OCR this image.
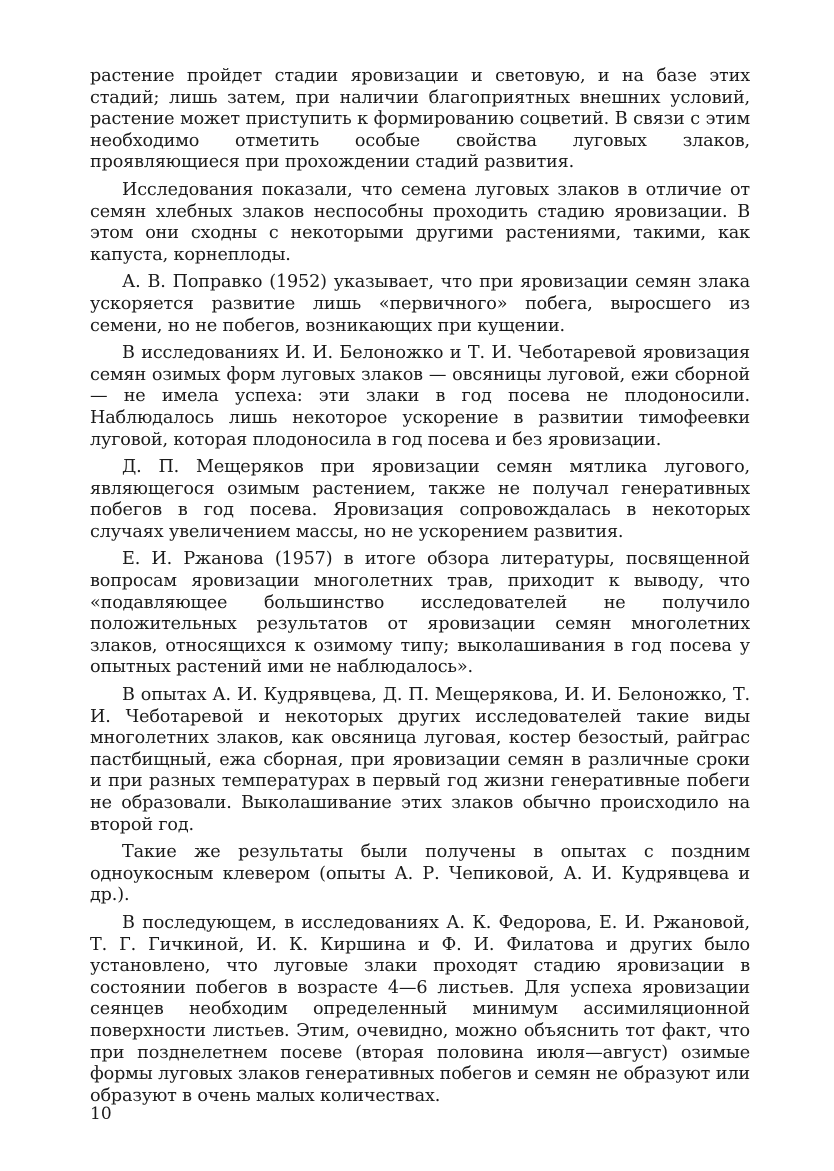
растение пройдет стадии яровизации и световую, и на базе этих стадий; лишь затем, при наличии благоприятных внешних условий, растение может приступить к формированию соцветий. В связи с этим необходимо отметить особые свойства луговых злаков, проявляющиеся при прохождении стадий развития.

Исследования показали, что семена луговых злаков в отличие от семян хлебных злаков неспособны проходить стадию яровизации. В этом они сходны с некоторыми другими растениями, такими, как капуста, корнеплоды.

А. В. Поправко (1952) указывает, что при яровизации семян злака ускоряется развитие лишь «первичного» побега, выросшего из семени, но не побегов, возникающих при кущении.

В исследованиях И. И. Белоножко и Т. И. Чеботаревой яровизация семян озимых форм луговых злаков — овсяницы луговой, ежи сборной — не имела успеха: эти злаки в год посева не плодоносили. Наблюдалось лишь некоторое ускорение в развитии тимофеевки луговой, которая плодоносила в год посева и без яровизации.

Д. П. Мещеряков при яровизации семян мятлика лугового, являющегося озимым растением, также не получал генеративных побегов в год посева. Яровизация сопровождалась в некоторых случаях увеличением массы, но не ускорением развития.

Е. И. Ржанова (1957) в итоге обзора литературы, посвященной вопросам яровизации многолетних трав, приходит к выводу, что «подавляющее большинство исследователей не получило положительных результатов от яровизации семян многолетних злаков, относящихся к озимому типу; выколашивания в год посева у опытных растений ими не наблюдалось».

В опытах А. И. Кудрявцева, Д. П. Мещерякова, И. И. Белоножко, Т. И. Чеботаревой и некоторых других исследователей такие виды многолетних злаков, как овсяница луговая, костер безостый, райграс пастбищный, ежа сборная, при яровизации семян в различные сроки и при разных температурах в первый год жизни генеративные побеги не образовали. Выколашивание этих злаков обычно происходило на второй год.

Такие же результаты были получены в опытах с поздним одноукосным клевером (опыты А. Р. Чепиковой, А. И. Кудрявцева и др.).

В последующем, в исследованиях А. К. Федорова, Е. И. Ржановой, Т. Г. Гичкиной, И. К. Киршина и Ф. И. Филатова и других было установлено, что луговые злаки проходят стадию яровизации в состоянии побегов в возрасте 4—6 листьев. Для успеха яровизации сеянцев необходим определенный минимум ассимиляционной поверхности листьев. Этим, очевидно, можно объяснить тот факт, что при позднелетнем посеве (вторая половина июля—август) озимые формы луговых злаков генеративных побегов и семян не образуют или образуют в очень малых количествах.

10
